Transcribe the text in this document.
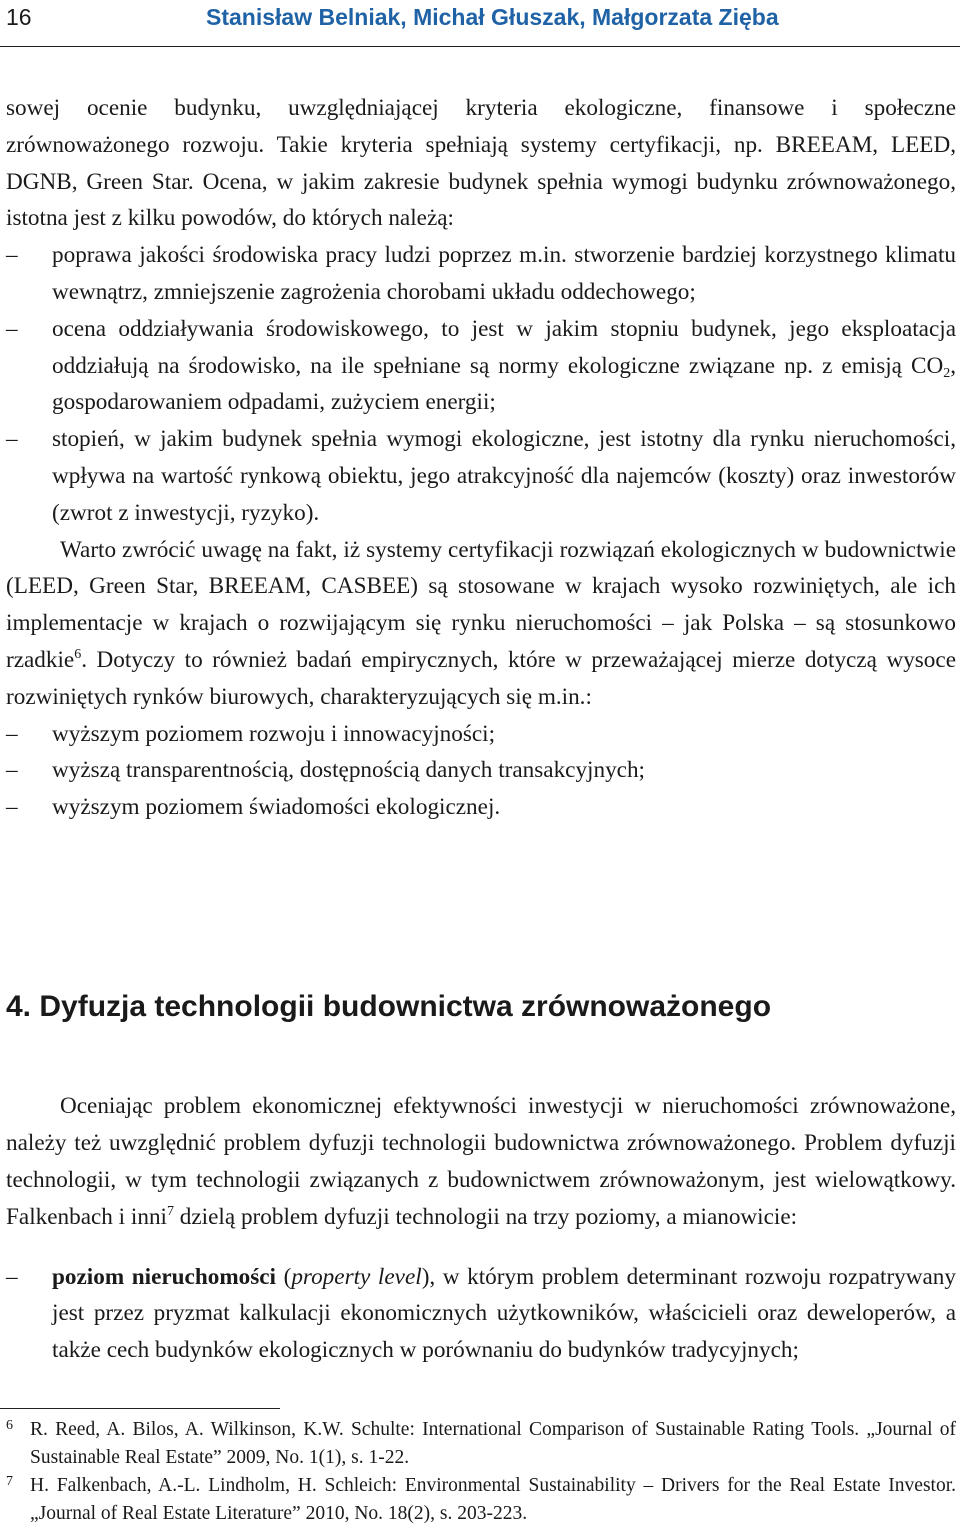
16	Stanisław Belniak, Michał Głuszak, Małgorzata Zięba

sowej ocenie budynku, uwzględniającej kryteria ekologiczne, finansowe i społeczne zrównoważonego rozwoju. Takie kryteria spełniają systemy certyfikacji, np. BREEAM, LEED, DGNB, Green Star. Ocena, w jakim zakresie budynek spełnia wymogi budynku zrównoważonego, istotna jest z kilku powodów, do których należą:

– poprawa jakości środowiska pracy ludzi poprzez m.in. stworzenie bardziej korzystnego klimatu wewnątrz, zmniejszenie zagrożenia chorobami układu oddechowego;
– ocena oddziaływania środowiskowego, to jest w jakim stopniu budynek, jego eksploatacja oddziałują na środowisko, na ile spełniane są normy ekologiczne związane np. z emisją $CO_2$, gospodarowaniem odpadami, zużyciem energii;
– stopień, w jakim budynek spełnia wymogi ekologiczne, jest istotny dla rynku nieruchomości, wpływa na wartość rynkową obiektu, jego atrakcyjność dla najemców (koszty) oraz inwestorów (zwrot z inwestycji, ryzyko).

Warto zwrócić uwagę na fakt, iż systemy certyfikacji rozwiązań ekologicznych w budownictwie (LEED, Green Star, BREEAM, CASBEE) są stosowane w krajach wysoko rozwiniętych, ale ich implementacje w krajach o rozwijającym się rynku nieruchomości – jak Polska – są stosunkowo rzadkie$^6$. Dotyczy to również badań empirycznych, które w przeważającej mierze dotyczą wysoce rozwiniętych rynków biurowych, charakteryzujących się m.in.:

– wyższym poziomem rozwoju i innowacyjności;
– wyższą transparentnością, dostępnością danych transakcyjnych;
– wyższym poziomem świadomości ekologicznej.
4. Dyfuzja technologii budownictwa zrównoważonego

Oceniając problem ekonomicznej efektywności inwestycji w nieruchomości zrównoważone, należy też uwzględnić problem dyfuzji technologii budownictwa zrównoważonego. Problem dyfuzji technologii, w tym technologii związanych z budownictwem zrównoważonym, jest wielowątkowy. Falkenbach i inni$^7$ dzielą problem dyfuzji technologii na trzy poziomy, a mianowicie:

– poziom nieruchomości (property level), w którym problem determinant rozwoju rozpatrywany jest przez pryzmat kalkulacji ekonomicznych użytkowników, właścicieli oraz deweloperów, a także cech budynków ekologicznych w porównaniu do budynków tradycyjnych;
6 R. Reed, A. Bilos, A. Wilkinson, K.W. Schulte: International Comparison of Sustainable Rating Tools. „Journal of Sustainable Real Estate” 2009, No. 1(1), s. 1-22.
7 H. Falkenbach, A.-L. Lindholm, H. Schleich: Environmental Sustainability – Drivers for the Real Estate Investor. „Journal of Real Estate Literature” 2010, No. 18(2), s. 203-223.
